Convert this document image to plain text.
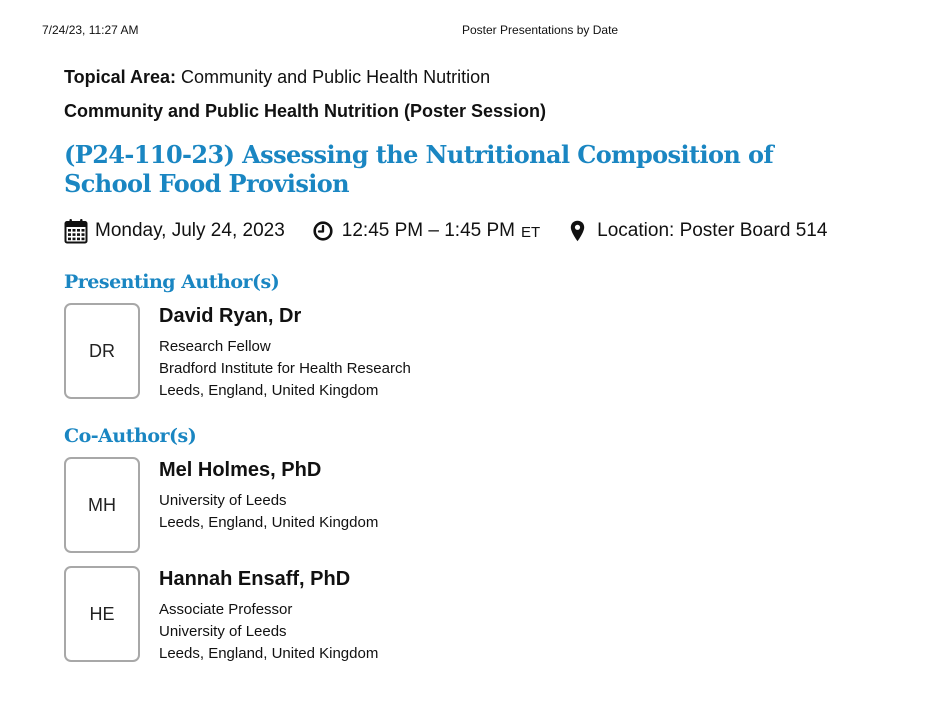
7/24/23, 11:27 AM	Poster Presentations by Date
Topical Area: Community and Public Health Nutrition
Community and Public Health Nutrition (Poster Session)
(P24-110-23) Assessing the Nutritional Composition of School Food Provision
Monday, July 24, 2023	12:45 PM – 1:45 PM ET	Location: Poster Board 514
Presenting Author(s)
DR
David Ryan, Dr
Research Fellow
Bradford Institute for Health Research
Leeds, England, United Kingdom
Co-Author(s)
MH
Mel Holmes, PhD
University of Leeds
Leeds, England, United Kingdom
HE
Hannah Ensaff, PhD
Associate Professor
University of Leeds
Leeds, England, United Kingdom
